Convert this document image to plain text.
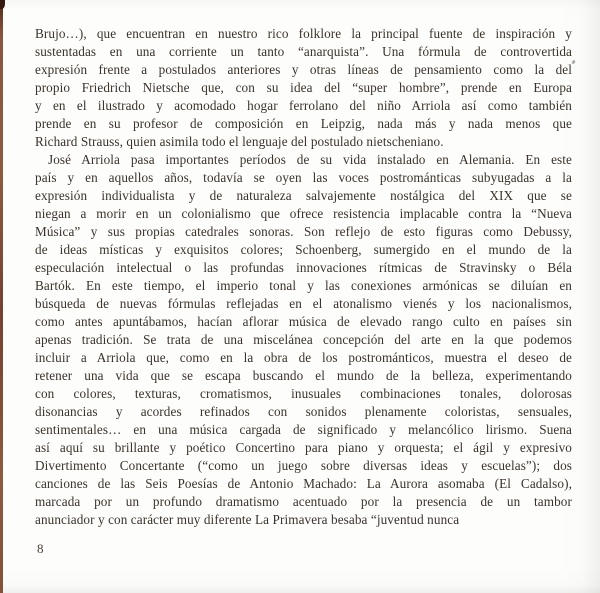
Brujo…), que encuentran en nuestro rico folklore la principal fuente de inspiración y
sustentadas en una corriente un tanto “anarquista”. Una fórmula de controvertida
expresión frente a postulados anteriores y otras líneas de pensamiento como la del
propio Friedrich Nietsche que, con su idea del “super hombre”, prende en Europa
y en el ilustrado y acomodado hogar ferrolano del niño Arriola así como también
prende en su profesor de composición en Leipzig, nada más y nada menos que
Richard Strauss, quien asimila todo el lenguaje del postulado nietscheniano.
José Arriola pasa importantes períodos de su vida instalado en Alemania. En este
país y en aquellos años, todavía se oyen las voces postrománticas subyugadas a la
expresión individualista y de naturaleza salvajemente nostálgica del XIX que se
niegan a morir en un colonialismo que ofrece resistencia implacable contra la “Nueva
Música” y sus propias catedrales sonoras. Son reflejo de esto figuras como Debussy,
de ideas místicas y exquisitos colores; Schoenberg, sumergido en el mundo de la
especulación intelectual o las profundas innovaciones rítmicas de Stravinsky o Béla
Bartók. En este tiempo, el imperio tonal y las conexiones armónicas se diluían en
búsqueda de nuevas fórmulas reflejadas en el atonalismo vienés y los nacionalismos,
como antes apuntábamos, hacían aflorar música de elevado rango culto en países sin
apenas tradición. Se trata de una miscelánea concepción del arte en la que podemos
incluir a Arriola que, como en la obra de los postrománticos, muestra el deseo de
retener una vida que se escapa buscando el mundo de la belleza, experimentando
con colores, texturas, cromatismos, inusuales combinaciones tonales, dolorosas
disonancias y acordes refinados con sonidos plenamente coloristas, sensuales,
sentimentales… en una música cargada de significado y melancólico lirismo. Suena
así aquí su brillante y poético Concertino para piano y orquesta; el ágil y expresivo
Divertimento Concertante (“como un juego sobre diversas ideas y escuelas”); dos
canciones de las Seis Poesías de Antonio Machado: La Aurora asomaba (El Cadalso),
marcada por un profundo dramatismo acentuado por la presencia de un tambor
anunciador y con carácter muy diferente La Primavera besaba “juventud nunca
8
